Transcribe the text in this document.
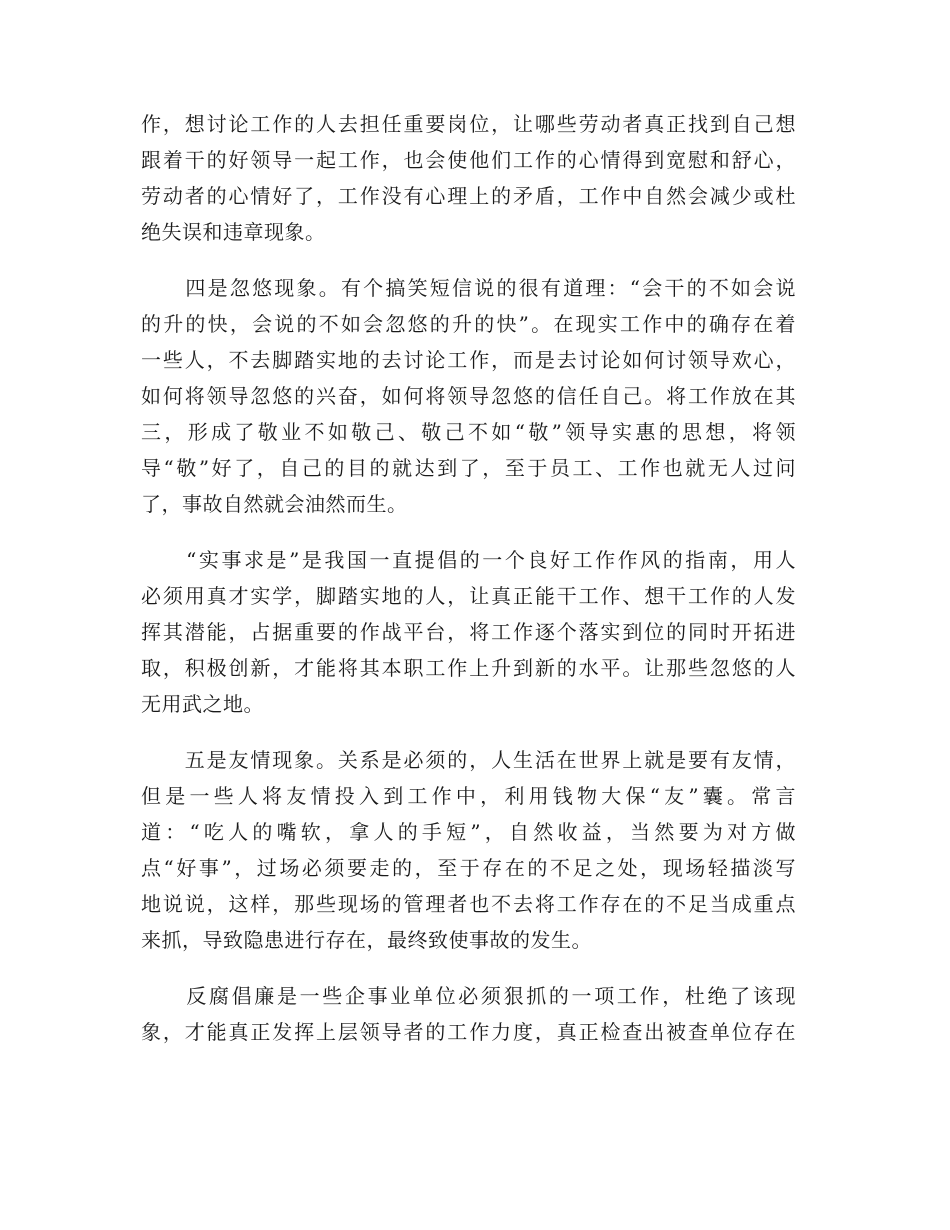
作，想讨论工作的人去担任重要岗位，让哪些劳动者真正找到自己想
跟着干的好领导一起工作，也会使他们工作的心情得到宽慰和舒心，
劳动者的心情好了，工作没有心理上的矛盾，工作中自然会减少或杜
绝失误和违章现象。
　　四是忽悠现象。有个搞笑短信说的很有道理：“会干的不如会说
的升的快，会说的不如会忽悠的升的快”。在现实工作中的确存在着
一些人，不去脚踏实地的去讨论工作，而是去讨论如何讨领导欢心，
如何将领导忽悠的兴奋，如何将领导忽悠的信任自己。将工作放在其
三，形成了敬业不如敬己、敬己不如“敬”领导实惠的思想，将领
导“敬”好了，自己的目的就达到了，至于员工、工作也就无人过问
了，事故自然就会油然而生。
　　“实事求是”是我国一直提倡的一个良好工作作风的指南，用人
必须用真才实学，脚踏实地的人，让真正能干工作、想干工作的人发
挥其潜能，占据重要的作战平台，将工作逐个落实到位的同时开拓进
取，积极创新，才能将其本职工作上升到新的水平。让那些忽悠的人
无用武之地。
　　五是友情现象。关系是必须的，人生活在世界上就是要有友情，
但是一些人将友情投入到工作中，利用钱物大保“友”囊。常言
道：“吃人的嘴软，拿人的手短”，自然收益，当然要为对方做
点“好事”，过场必须要走的，至于存在的不足之处，现场轻描淡写
地说说，这样，那些现场的管理者也不去将工作存在的不足当成重点
来抓，导致隐患进行存在，最终致使事故的发生。
　　反腐倡廉是一些企事业单位必须狠抓的一项工作，杜绝了该现
象，才能真正发挥上层领导者的工作力度，真正检查出被查单位存在
